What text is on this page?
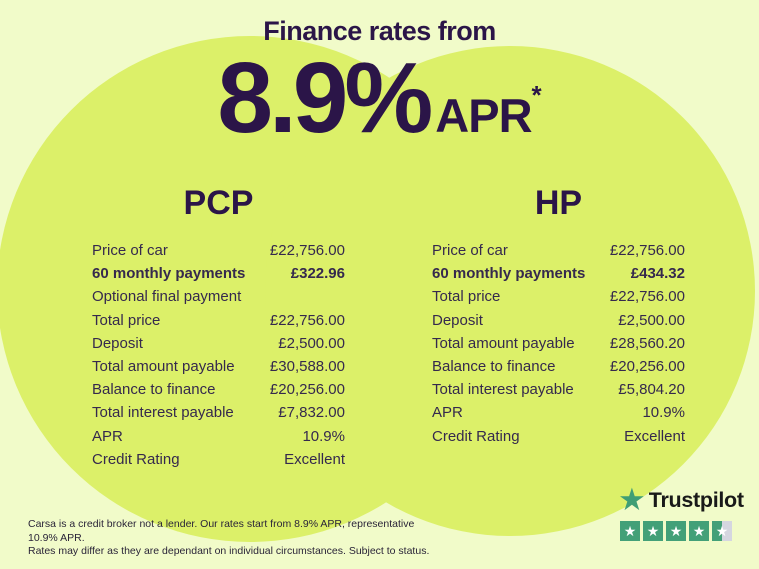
Finance rates from
8.9% APR*
PCP
Price of car	£22,756.00
60 monthly payments	£322.96
Optional final payment
Total price	£22,756.00
Deposit	£2,500.00
Total amount payable £30,588.00
Balance to finance	£20,256.00
Total interest payable	£7,832.00
APR	10.9%
Credit Rating	Excellent
HP
Price of car	£22,756.00
60 monthly payments	£434.32
Total price	£22,756.00
Deposit	£2,500.00
Total amount payable £28,560.20
Balance to finance	£20,256.00
Total interest payable	£5,804.20
APR	10.9%
Credit Rating	Excellent
Carsa is a credit broker not a lender. Our rates start from 8.9% APR, representative 10.9% APR.
Rates may differ as they are dependant on individual circumstances. Subject to status.
★ Trustpilot
★ ★ ★ ★ ★
